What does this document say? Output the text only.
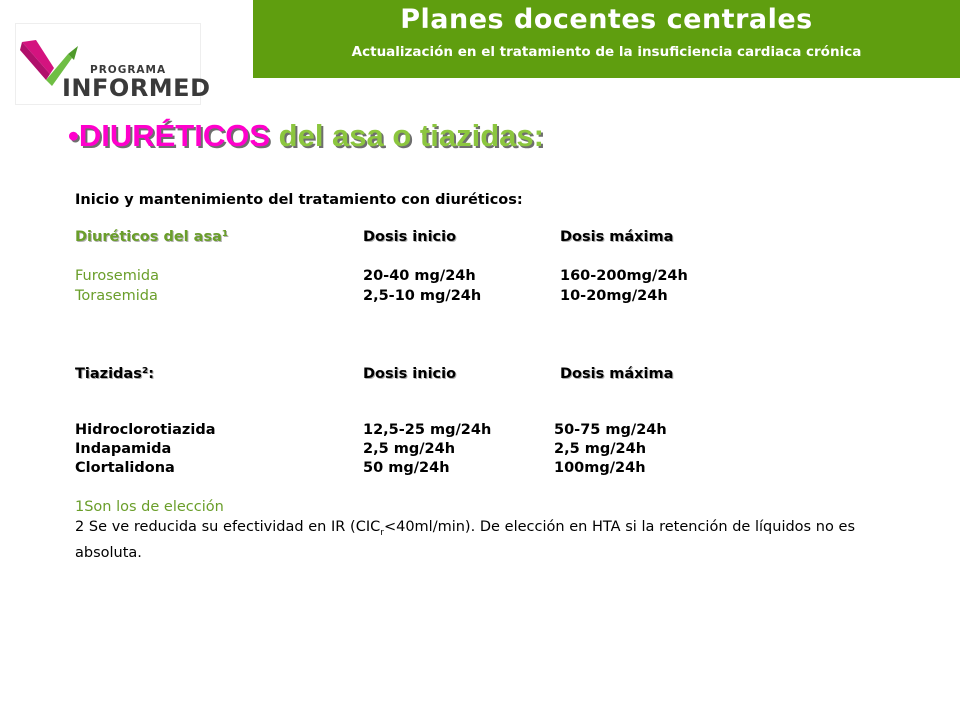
PROGRAMA
INFORMED
Planes docentes centrales
Actualización en el tratamiento de la insuficiencia cardiaca crónica
•DIURÉTICOS del asa o tiazidas:
Inicio y mantenimiento del tratamiento con diuréticos:
Diuréticos del asa¹	Dosis inicio	Dosis máxima
Furosemida	20-40 mg/24h	160-200mg/24h
Torasemida	2,5-10 mg/24h	10-20mg/24h
Tiazidas²:	Dosis inicio	Dosis máxima
Hidroclorotiazida	12,5-25 mg/24h	50-75 mg/24h
Indapamida	2,5 mg/24h	2,5 mg/24h
Clortalidona	50 mg/24h	100mg/24h
1Son los de elección
2 Se ve reducida su efectividad en IR $(CIC_r<40ml/\min)$. De elección en HTA si la retención de líquidos no es absoluta.
